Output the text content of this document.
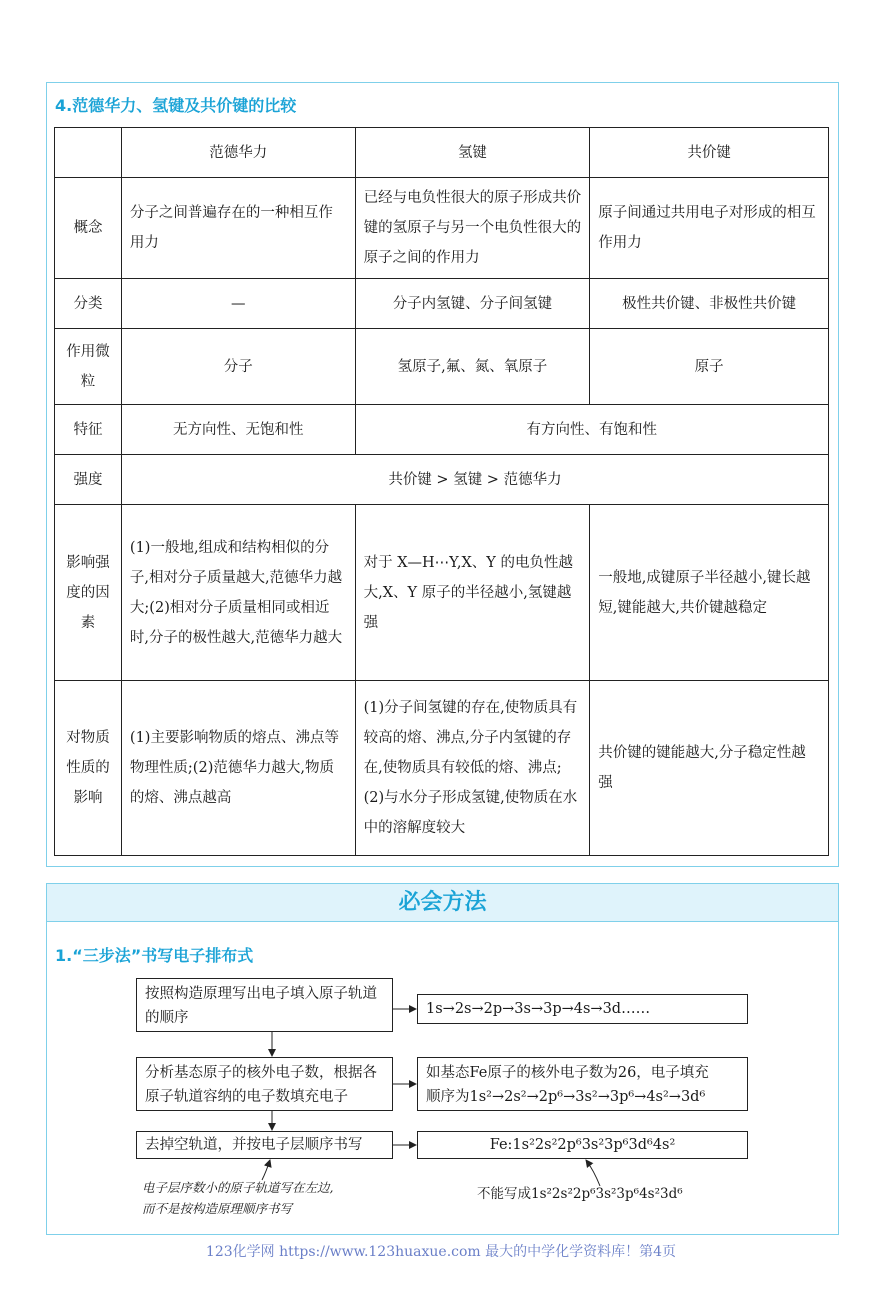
4.范德华力、氢键及共价键的比较
	范德华力	氢键	共价键
概念	分子之间普遍存在的一种相互作用力	已经与电负性很大的原子形成共价键的氢原子与另一个电负性很大的原子之间的作用力	原子间通过共用电子对形成的相互作用力
分类	—	分子内氢键、分子间氢键	极性共价键、非极性共价键
作用微粒	分子	氢原子,氟、氮、氧原子	原子
特征	无方向性、无饱和性	有方向性、有饱和性	
强度	共价键 > 氢键 > 范德华力		
影响强度的因素	(1)一般地,组成和结构相似的分子,相对分子质量越大,范德华力越大;(2)相对分子质量相同或相近时,分子的极性越大,范德华力越大	对于 X—H⋯Y,X、Y 的电负性越大,X、Y 原子的半径越小,氢键越强	一般地,成键原子半径越小,键长越短,键能越大,共价键越稳定
对物质性质的影响	(1)主要影响物质的熔点、沸点等物理性质;(2)范德华力越大,物质的熔、沸点越高	(1)分子间氢键的存在,使物质具有较高的熔、沸点,分子内氢键的存在,使物质具有较低的熔、沸点;(2)与水分子形成氢键,使物质在水中的溶解度较大	共价键的键能越大,分子稳定性越强
必会方法
1.“三步法”书写电子排布式
按照构造原理写出电子填入原子轨道的顺序
1s→2s→2p→3s→3p→4s→3d……
分析基态原子的核外电子数，根据各原子轨道容纳的电子数填充电子
如基态Fe原子的核外电子数为26，电子填充
顺序为1s²→2s²→2p⁶→3s²→3p⁶→4s²→3d⁶
去掉空轨道，并按电子层顺序书写	Fe:1s²2s²2p⁶3s²3p⁶3d⁶4s²
电子层序数小的原子轨道写在左边,
而不是按构造原理顺序书写
不能写成1s²2s²2p⁶3s²3p⁶4s²3d⁶
123化学网 https://www.123huaxue.com 最大的中学化学资料库！第4页
